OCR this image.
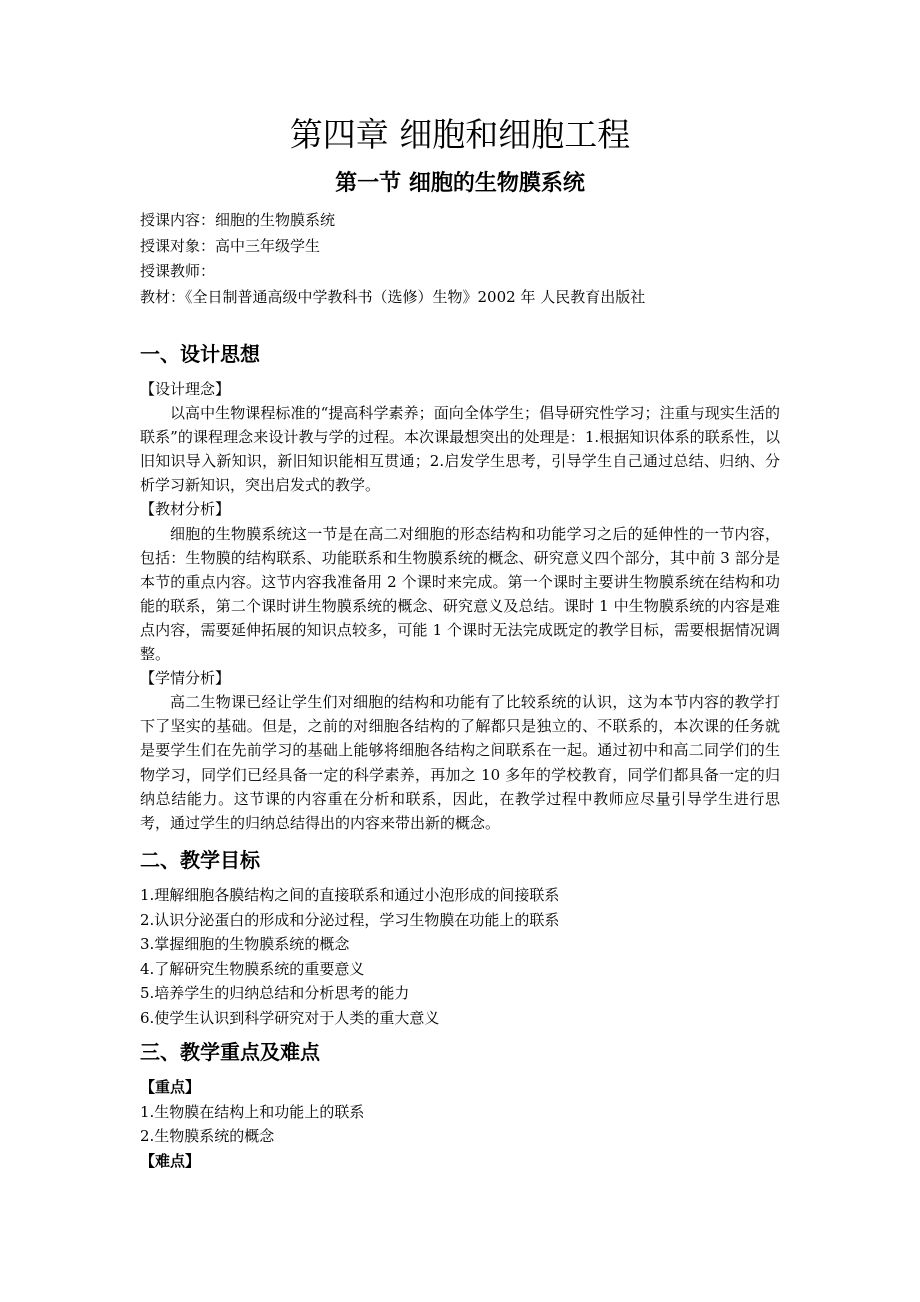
第四章 细胞和细胞工程
第一节 细胞的生物膜系统
授课内容：细胞的生物膜系统
授课对象：高中三年级学生
授课教师：
教材：《全日制普通高级中学教科书（选修）生物》2002 年 人民教育出版社
一、设计思想
【设计理念】

以高中生物课程标准的“提高科学素养；面向全体学生；倡导研究性学习；注重与现实生活的联系”的课程理念来设计教与学的过程。本次课最想突出的处理是：1.根据知识体系的联系性，以旧知识导入新知识，新旧知识能相互贯通；2.启发学生思考，引导学生自己通过总结、归纳、分析学习新知识，突出启发式的教学。

【教材分析】

细胞的生物膜系统这一节是在高二对细胞的形态结构和功能学习之后的延伸性的一节内容，包括：生物膜的结构联系、功能联系和生物膜系统的概念、研究意义四个部分，其中前 3 部分是本节的重点内容。这节内容我准备用 2 个课时来完成。第一个课时主要讲生物膜系统在结构和功能的联系，第二个课时讲生物膜系统的概念、研究意义及总结。课时 1 中生物膜系统的内容是难点内容，需要延伸拓展的知识点较多，可能 1 个课时无法完成既定的教学目标，需要根据情况调整。

【学情分析】

高二生物课已经让学生们对细胞的结构和功能有了比较系统的认识，这为本节内容的教学打下了坚实的基础。但是，之前的对细胞各结构的了解都只是独立的、不联系的，本次课的任务就是要学生们在先前学习的基础上能够将细胞各结构之间联系在一起。通过初中和高二同学们的生物学习，同学们已经具备一定的科学素养，再加之 10 多年的学校教育，同学们都具备一定的归纳总结能力。这节课的内容重在分析和联系，因此，在教学过程中教师应尽量引导学生进行思考，通过学生的归纳总结得出的内容来带出新的概念。

二、教学目标
1.理解细胞各膜结构之间的直接联系和通过小泡形成的间接联系
2.认识分泌蛋白的形成和分泌过程，学习生物膜在功能上的联系
3.掌握细胞的生物膜系统的概念
4.了解研究生物膜系统的重要意义
5.培养学生的归纳总结和分析思考的能力
6.使学生认识到科学研究对于人类的重大意义
三、教学重点及难点
【重点】
1.生物膜在结构上和功能上的联系
2.生物膜系统的概念
【难点】
